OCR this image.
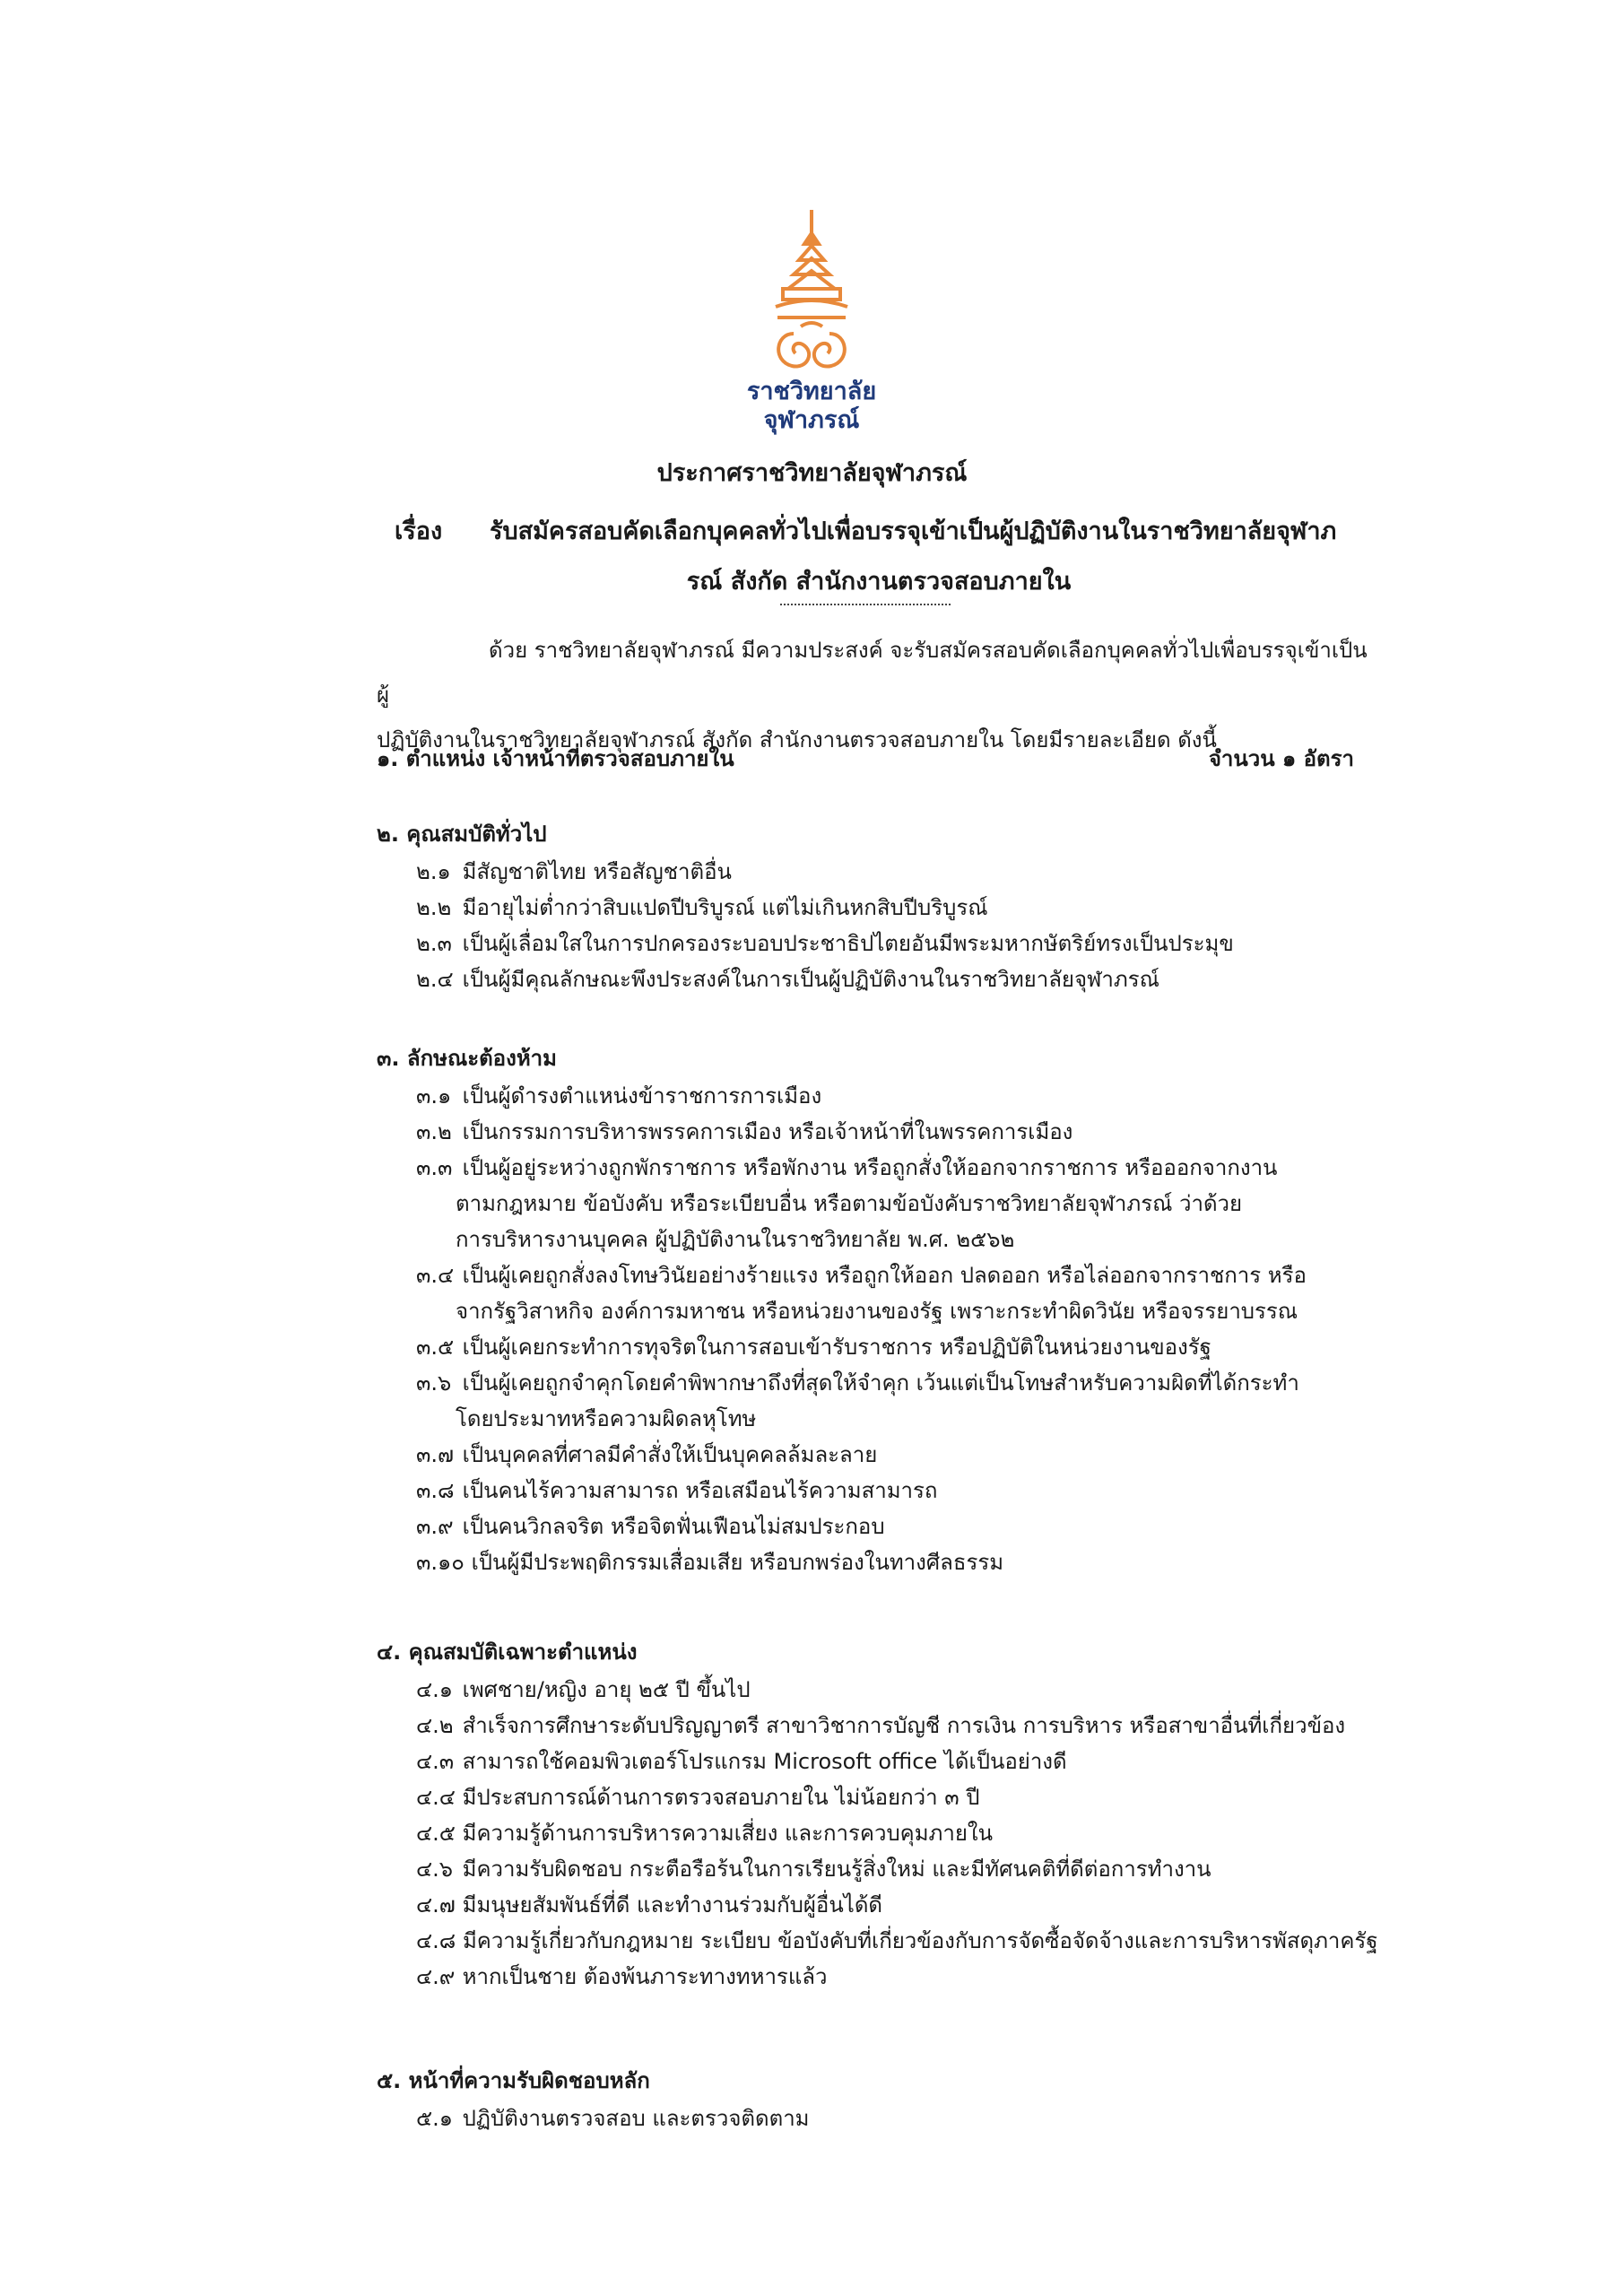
ราชวิทยาลัย
จุฬาภรณ์
ประกาศราชวิทยาลัยจุฬาภรณ์
เรื่อง รับสมัครสอบคัดเลือกบุคคลทั่วไปเพื่อบรรจุเข้าเป็นผู้ปฏิบัติงานในราชวิทยาลัยจุฬาภ
รณ์ สังกัด สำนักงานตรวจสอบภายใน
ด้วย ราชวิทยาลัยจุฬาภรณ์ มีความประสงค์ จะรับสมัครสอบคัดเลือกบุคคลทั่วไปเพื่อบรรจุเข้าเป็นผู้
ปฏิบัติงานในราชวิทยาลัยจุฬาภรณ์ สังกัด สำนักงานตรวจสอบภายใน โดยมีรายละเอียด ดังนี้
๑. ตำแหน่ง เจ้าหน้าที่ตรวจสอบภายใน	จำนวน ๑ อัตรา
๒. คุณสมบัติทั่วไป
๒.๑ มีสัญชาติไทย หรือสัญชาติอื่น
๒.๒ มีอายุไม่ต่ำกว่าสิบแปดปีบริบูรณ์ แต่ไม่เกินหกสิบปีบริบูรณ์
๒.๓ เป็นผู้เลื่อมใสในการปกครองระบอบประชาธิปไตยอันมีพระมหากษัตริย์ทรงเป็นประมุข
๒.๔ เป็นผู้มีคุณลักษณะพึงประสงค์ในการเป็นผู้ปฏิบัติงานในราชวิทยาลัยจุฬาภรณ์
๓. ลักษณะต้องห้าม
๓.๑ เป็นผู้ดำรงตำแหน่งข้าราชการการเมือง
๓.๒ เป็นกรรมการบริหารพรรคการเมือง หรือเจ้าหน้าที่ในพรรคการเมือง
๓.๓ เป็นผู้อยู่ระหว่างถูกพักราชการ หรือพักงาน หรือถูกสั่งให้ออกจากราชการ หรือออกจากงาน
ตามกฎหมาย ข้อบังคับ หรือระเบียบอื่น หรือตามข้อบังคับราชวิทยาลัยจุฬาภรณ์ ว่าด้วย
การบริหารงานบุคคล ผู้ปฏิบัติงานในราชวิทยาลัย พ.ศ. ๒๕๖๒
๓.๔ เป็นผู้เคยถูกสั่งลงโทษวินัยอย่างร้ายแรง หรือถูกให้ออก ปลดออก หรือไล่ออกจากราชการ หรือ
จากรัฐวิสาหกิจ องค์การมหาชน หรือหน่วยงานของรัฐ เพราะกระทำผิดวินัย หรือจรรยาบรรณ
๓.๕ เป็นผู้เคยกระทำการทุจริตในการสอบเข้ารับราชการ หรือปฏิบัติในหน่วยงานของรัฐ
๓.๖ เป็นผู้เคยถูกจำคุกโดยคำพิพากษาถึงที่สุดให้จำคุก เว้นแต่เป็นโทษสำหรับความผิดที่ได้กระทำ
โดยประมาทหรือความผิดลหุโทษ
๓.๗ เป็นบุคคลที่ศาลมีคำสั่งให้เป็นบุคคลล้มละลาย
๓.๘ เป็นคนไร้ความสามารถ หรือเสมือนไร้ความสามารถ
๓.๙ เป็นคนวิกลจริต หรือจิตฟั่นเฟือนไม่สมประกอบ
๓.๑๐ เป็นผู้มีประพฤติกรรมเสื่อมเสีย หรือบกพร่องในทางศีลธรรม
๔. คุณสมบัติเฉพาะตำแหน่ง
๔.๑ เพศชาย/หญิง อายุ ๒๕ ปี ขึ้นไป
๔.๒ สำเร็จการศึกษาระดับปริญญาตรี สาขาวิชาการบัญชี การเงิน การบริหาร หรือสาขาอื่นที่เกี่ยวข้อง
๔.๓ สามารถใช้คอมพิวเตอร์โปรแกรม Microsoft office ได้เป็นอย่างดี
๔.๔ มีประสบการณ์ด้านการตรวจสอบภายใน ไม่น้อยกว่า ๓ ปี
๔.๕ มีความรู้ด้านการบริหารความเสี่ยง และการควบคุมภายใน
๔.๖ มีความรับผิดชอบ กระตือรือร้นในการเรียนรู้สิ่งใหม่ และมีทัศนคติที่ดีต่อการทำงาน
๔.๗ มีมนุษยสัมพันธ์ที่ดี และทำงานร่วมกับผู้อื่นได้ดี
๔.๘ มีความรู้เกี่ยวกับกฎหมาย ระเบียบ ข้อบังคับที่เกี่ยวข้องกับการจัดซื้อจัดจ้างและการบริหารพัสดุภาครัฐ
๔.๙ หากเป็นชาย ต้องพ้นภาระทางทหารแล้ว
๕. หน้าที่ความรับผิดชอบหลัก
๕.๑ ปฏิบัติงานตรวจสอบ และตรวจติดตาม
